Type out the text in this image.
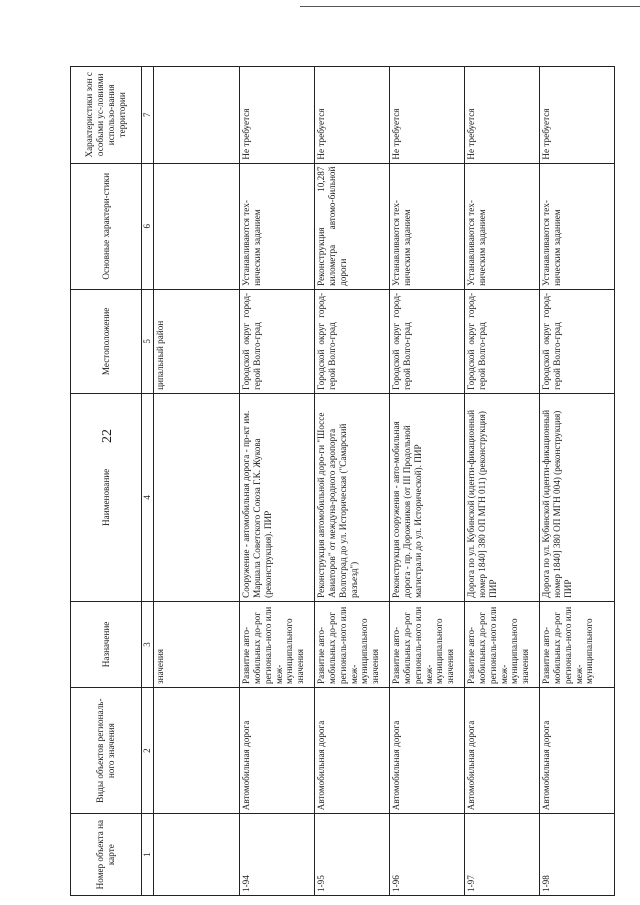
22
Номер объекта на карте	Виды объектов региональ-ного значения	Назначение	Наименование	Местоположение	Основные характери-стики	Характеристики зон с особыми ус-ловиями использо-вания территории
1	2	3	4	5	6	7
		значения		ципальный район		
1-94	Автомобильная дорога	Развитие авто-мобильных до-рог региональ-ного или меж-муниципального значения	Сооружение - автомобильная дорога - пр-кт им. Маршала Советского Союза Г.К. Жукова (реконструкция). ПИР	Городской округ город-герой Волго-град	Устанавливаются тех-ническим заданием	Не требуется
1-95	Автомобильная дорога	Развитие авто-мобильных до-рог региональ-ного или меж-муниципального значения	Реконструкция автомобильной доро-ги "Шоссе Авиаторов" от междуна-родного аэропорта Волгоград до ул. Историческая ("Самарский разъезд")	Городской округ город-герой Волго-град	Реконструкция 10,287 километра автомо-бильной дороги	Не требуется
1-96	Автомобильная дорога	Развитие авто-мобильных до-рог региональ-ного или меж-муниципального значения	Реконструкция сооружения - авто-мобильная дорога - пр. Дорожников (от III Продольной магистрали до ул. Исторической). ПИР	Городской округ город-герой Волго-град	Устанавливаются тех-ническим заданием	Не требуется
1-97	Автомобильная дорога	Развитие авто-мобильных до-рог региональ-ного или меж-муниципального значения	Дорога по ул. Кубинской (иденти-фикационный номер 1840] 380 ОП МГН 011) (реконструкция) ПИР	Городской округ город-герой Волго-град	Устанавливаются тех-ническим заданием	Не требуется
1-98	Автомобильная дорога	Развитие авто-мобильных до-рог региональ-ного или меж-муниципального	Дорога по ул. Кубинской (иденти-фикационный номер 1840] 380 ОП МГН 004) (реконструкция) ПИР	Городской округ город-герой Волго-град	Устанавливаются тех-ническим заданием	Не требуется
